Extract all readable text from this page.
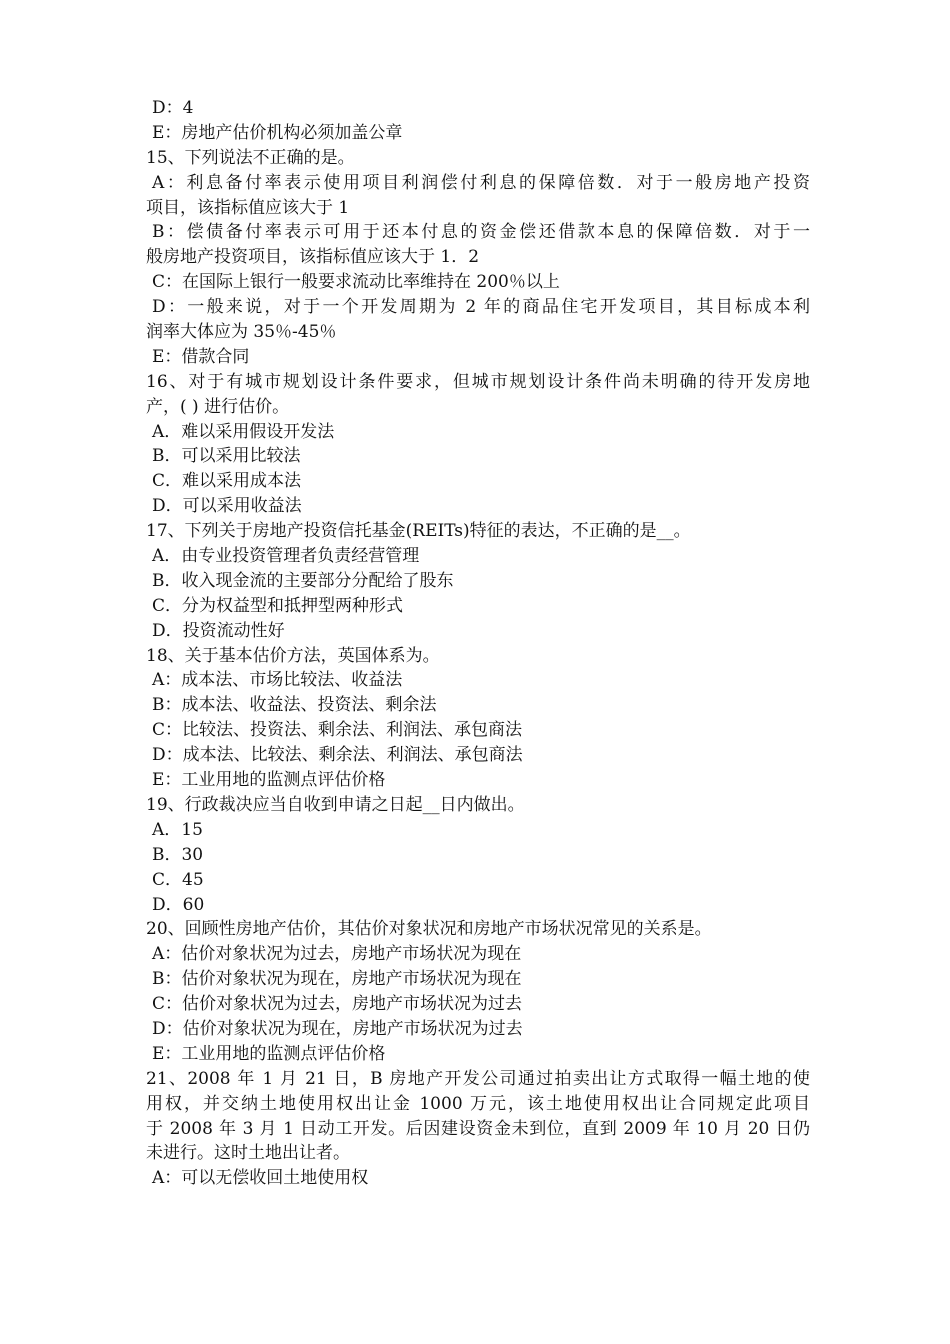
D：4
E：房地产估价机构必须加盖公章
15、下列说法不正确的是。
A：利息备付率表示使用项目利润偿付利息的保障倍数．对于一般房地产投资
项目，该指标值应该大于 1
B：偿债备付率表示可用于还本付息的资金偿还借款本息的保障倍数．对于一
般房地产投资项目，该指标值应该大于 1．2
C：在国际上银行一般要求流动比率维持在 200％以上
D：一般来说，对于一个开发周期为 2 年的商品住宅开发项目，其目标成本利
润率大体应为 35％-45％
E：借款合同
16、对于有城市规划设计条件要求，但城市规划设计条件尚未明确的待开发房地
产，( ) 进行估价。
A．难以采用假设开发法
B．可以采用比较法
C．难以采用成本法
D．可以采用收益法
17、下列关于房地产投资信托基金(REITs)特征的表达，不正确的是__。
A．由专业投资管理者负责经营管理
B．收入现金流的主要部分分配给了股东
C．分为权益型和抵押型两种形式
D．投资流动性好
18、关于基本估价方法，英国体系为。
A：成本法、市场比较法、收益法
B：成本法、收益法、投资法、剩余法
C：比较法、投资法、剩余法、利润法、承包商法
D：成本法、比较法、剩余法、利润法、承包商法
E：工业用地的监测点评估价格
19、行政裁决应当自收到申请之日起__日内做出。
A．15
B．30
C．45
D．60
20、回顾性房地产估价，其估价对象状况和房地产市场状况常见的关系是。
A：估价对象状况为过去，房地产市场状况为现在
B：估价对象状况为现在，房地产市场状况为现在
C：估价对象状况为过去，房地产市场状况为过去
D：估价对象状况为现在，房地产市场状况为过去
E：工业用地的监测点评估价格
21、2008 年 1 月 21 日，B 房地产开发公司通过拍卖出让方式取得一幅土地的使
用权，并交纳土地使用权出让金 1000 万元，该土地使用权出让合同规定此项目
于 2008 年 3 月 1 日动工开发。后因建设资金未到位，直到 2009 年 10 月 20 日仍
未进行。这时土地出让者。
A：可以无偿收回土地使用权
